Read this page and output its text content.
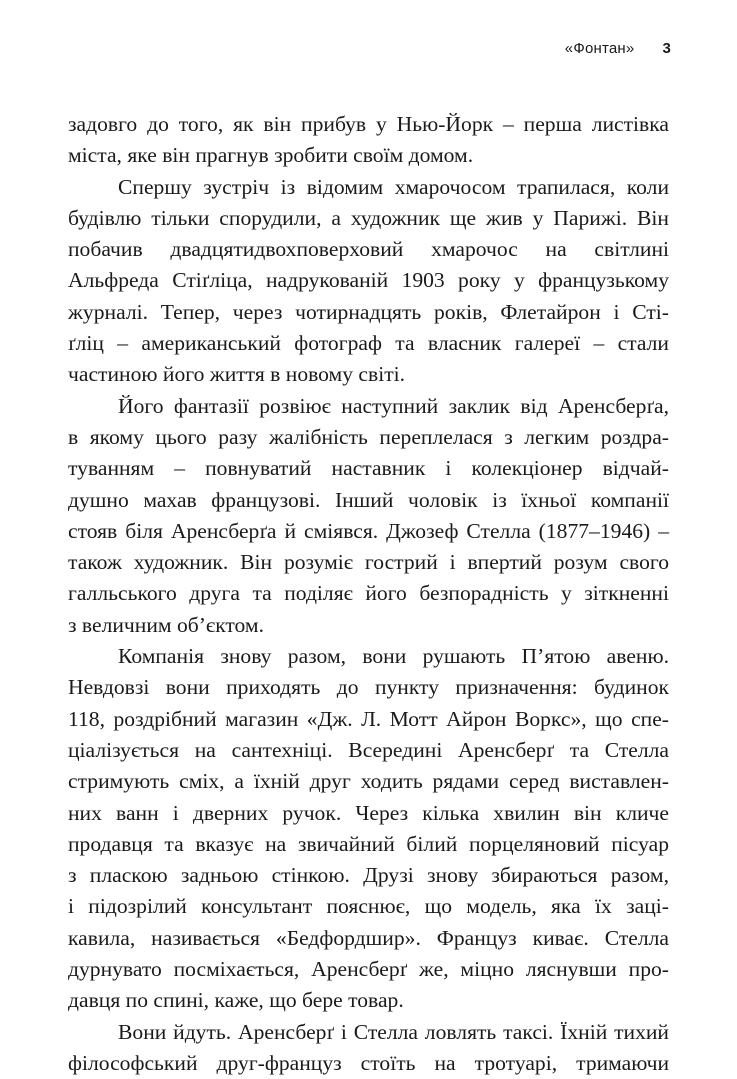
«Фонтан» 3

задовго до того, як він прибув у Нью-Йорк – перша листівка
міста, яке він прагнув зробити своїм домом.

Спершу зустріч із відомим хмарочосом трапилася, коли
будівлю тільки спорудили, а художник ще жив у Парижі. Він
побачив двадцятидвохповерховий хмарочос на світлині
Альфреда Стіґліца, надрукованій 1903 року у французькому
журналі. Тепер, через чотирнадцять років, Флетайрон і Сті-
ґліц – американський фотограф та власник галереї – стали
частиною його життя в новому світі.

Його фантазії розвіює наступний заклик від Аренсберґа,
в якому цього разу жалібність переплелася з легким роздра-
туванням – повнуватий наставник і колекціонер відчай-
душно махав французові. Інший чоловік із їхньої компанії
стояв біля Аренсберґа й сміявся. Джозеф Стелла (1877–1946) –
також художник. Він розуміє гострий і впертий розум свого
галльського друга та поділяє його безпорадність у зіткненні
з величним об’єктом.

Компанія знову разом, вони рушають П’ятою авеню.
Невдовзі вони приходять до пункту призначення: будинок
118, роздрібний магазин «Дж. Л. Мотт Айрон Воркс», що спе-
ціалізується на сантехніці. Всередині Аренсберґ та Стелла
стримують сміх, а їхній друг ходить рядами серед виставлен-
них ванн і дверних ручок. Через кілька хвилин він кличе
продавця та вказує на звичайний білий порцеляновий пісуар
з пласкою задньою стінкою. Друзі знову збираються разом,
і підозрілий консультант пояснює, що модель, яка їх заці-
кавила, називається «Бедфордшир». Француз киває. Стелла
дурнувато посміхається, Аренсберґ же, міцно ляснувши про-
давця по спині, каже, що бере товар.

Вони йдуть. Аренсберґ і Стелла ловлять таксі. Їхній тихий
філософський друг-француз стоїть на тротуарі, тримаючи
